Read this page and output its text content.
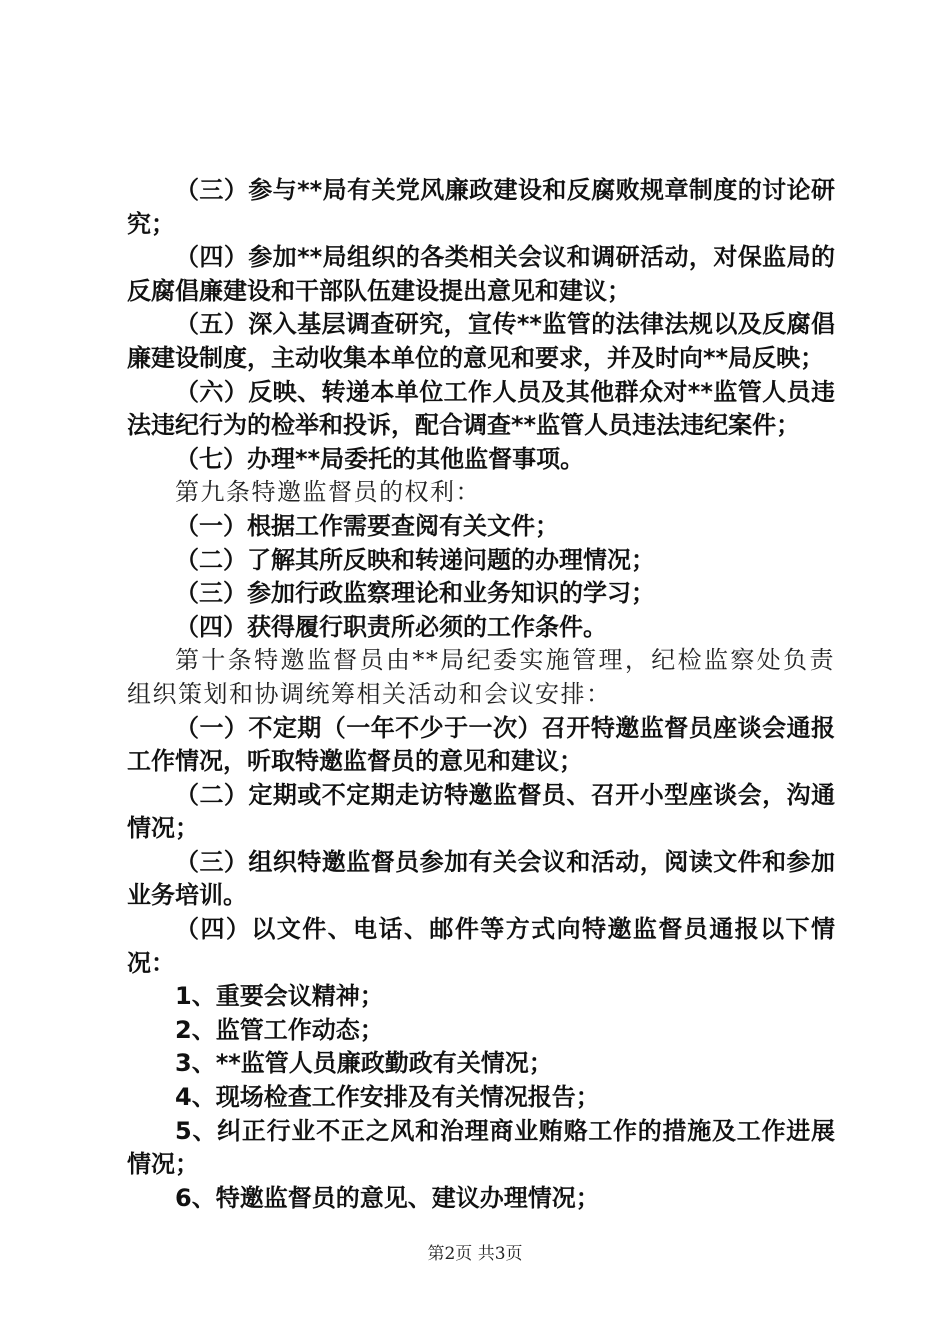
（三）参与**局有关党风廉政建设和反腐败规章制度的讨论研究；

（四）参加**局组织的各类相关会议和调研活动，对保监局的反腐倡廉建设和干部队伍建设提出意见和建议；

（五）深入基层调查研究，宣传**监管的法律法规以及反腐倡廉建设制度，主动收集本单位的意见和要求，并及时向**局反映；

（六）反映、转递本单位工作人员及其他群众对**监管人员违法违纪行为的检举和投诉，配合调查**监管人员违法违纪案件；

（七）办理**局委托的其他监督事项。

第九条特邀监督员的权利：

（一）根据工作需要查阅有关文件；

（二）了解其所反映和转递问题的办理情况；

（三）参加行政监察理论和业务知识的学习；

（四）获得履行职责所必须的工作条件。

第十条特邀监督员由**局纪委实施管理，纪检监察处负责组织策划和协调统筹相关活动和会议安排：

（一）不定期（一年不少于一次）召开特邀监督员座谈会通报工作情况，听取特邀监督员的意见和建议；

（二）定期或不定期走访特邀监督员、召开小型座谈会，沟通情况；

（三）组织特邀监督员参加有关会议和活动，阅读文件和参加业务培训。

（四）以文件、电话、邮件等方式向特邀监督员通报以下情况：

1、重要会议精神；

2、监管工作动态；

3、**监管人员廉政勤政有关情况；

4、现场检查工作安排及有关情况报告；

5、纠正行业不正之风和治理商业贿赂工作的措施及工作进展情况；

6、特邀监督员的意见、建议办理情况；

第2页 共3页
